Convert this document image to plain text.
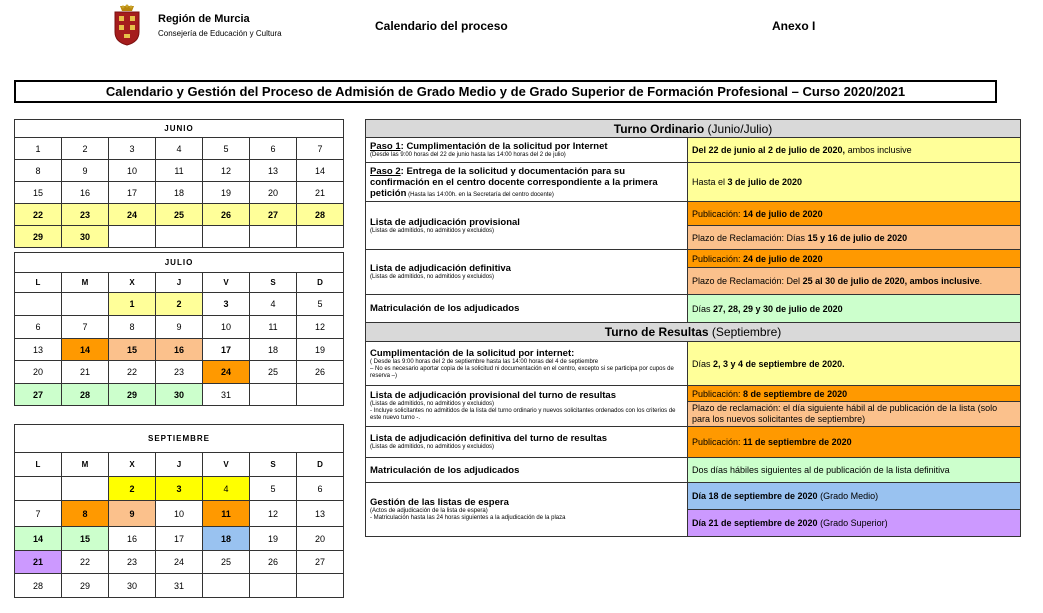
Región de Murcia
Consejería de Educación y Cultura
Calendario del proceso	Anexo I
Calendario y Gestión del Proceso de Admisión de Grado Medio y de Grado Superior de Formación Profesional – Curso 2020/2021
JUNIO						
1	2	3	4	5	6	7
8	9	10	11	12	13	14
15	16	17	18	19	20	21
22	23	24	25	26	27	28
29	30					
JULIO						
L	M	X	J	V	S	D
		1	2	3	4	5
6	7	8	9	10	11	12
13	14	15	16	17	18	19
20	21	22	23	24	25	26
27	28	29	30	31		
SEPTIEMBRE						
L	M	X	J	V	S	D
		2	3	4	5	6
7	8	9	10	11	12	13
14	15	16	17	18	19	20
21	22	23	24	25	26	27
28	29	30	31			
Turno Ordinario (Junio/Julio)	

Paso 1: Cumplimentación de la solicitud por Internet
(Desde las 9:00 horas del 22 de junio hasta las 14:00 horas del 2 de julio)	Del 22 de junio al 2 de julio de 2020, ambos inclusive

Paso 2: Entrega de la solicitud y documentación para su confirmación en el centro docente correspondiente a la primera petición (Hasta las 14:00h. en la Secretaría del centro docente)	Hasta el 3 de julio de 2020

Lista de adjudicación provisional
(Listas de admitidos, no admitidos y excluidos)	Publicación: 14 de julio de 2020
	Plazo de Reclamación: Días 15 y 16 de julio de 2020

Lista de adjudicación definitiva
(Listas de admitidos, no admitidos y excluidos)	Publicación: 24 de julio de 2020
	Plazo de Reclamación: Del 25 al 30 de julio de 2020, ambos inclusive.

Matriculación de los adjudicados	Días 27, 28, 29 y 30 de julio de 2020
Turno de Resultas (Septiembre)	

Cumplimentación de la solicitud por internet:
( Desde las 9:00 horas del 2 de septiembre hasta las 14:00 horas del 4 de septiembre
– No es necesario aportar copia de la solicitud ni documentación en el centro, excepto si se participa por cupos de reserva –)	Días 2, 3 y 4 de septiembre de 2020.

Lista de adjudicación provisional del turno de resultas
(Listas de admitidos, no admitidos y excluidos)
- Incluye solicitantes no admitidos de la lista del turno ordinario y nuevos solicitantes ordenados con los criterios de este nuevo turno -.	Publicación: 8 de septiembre de 2020
	Plazo de reclamación: el día siguiente hábil al de publicación de la lista (solo para los nuevos solicitantes de septiembre)

Lista de adjudicación definitiva del turno de resultas
(Listas de admitidos, no admitidos y excluidos)	Publicación: 11 de septiembre de 2020

Matriculación de los adjudicados	Dos días hábiles siguientes al de publicación de la lista definitiva

Gestión de las listas de espera
(Actos de adjudicación de la lista de espera)
- Matriculación hasta las 24 horas siguientes a la adjudicación de la plaza	Día 18 de septiembre de 2020 (Grado Medio)
	Día 21 de septiembre de 2020 (Grado Superior)
